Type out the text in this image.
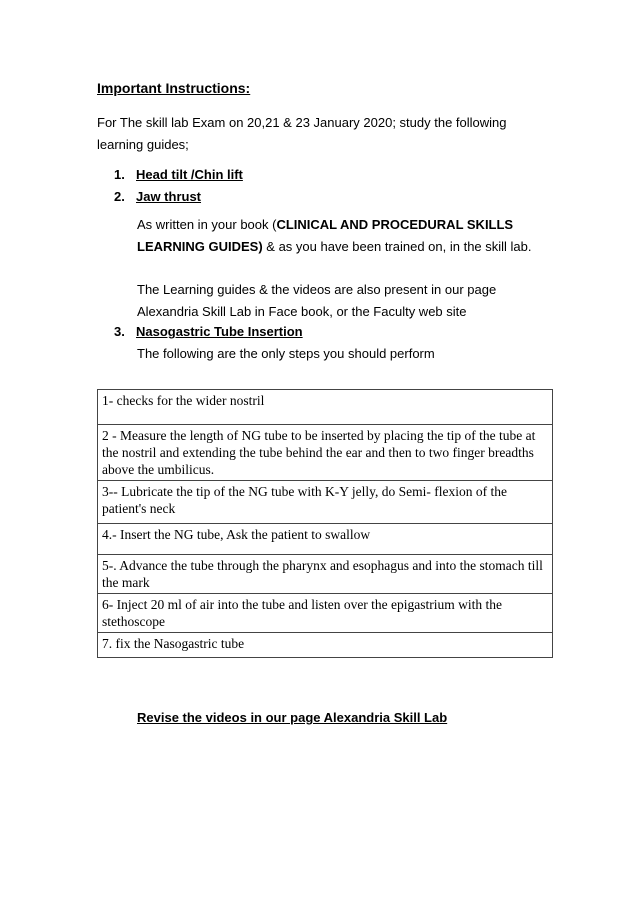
Important Instructions:
For The skill lab Exam on 20,21 & 23 January 2020; study the following
learning guides;
1. Head tilt /Chin lift
2. Jaw thrust
As written in your book (CLINICAL AND PROCEDURAL SKILLS
LEARNING GUIDES) & as you have been trained on, in the skill lab.
The Learning guides & the videos are also present in our page
Alexandria Skill Lab in Face book, or the Faculty web site
3. Nasogastric Tube Insertion
The following are the only steps you should perform
1- checks for the wider nostril
2 - Measure the length of NG tube to be inserted by placing the tip of the tube at the nostril and extending the tube behind the ear and then to two finger breadths above the umbilicus.
3-- Lubricate the tip of the NG tube with K-Y jelly, do Semi- flexion of the patient's neck
4.- Insert the NG tube, Ask the patient to swallow
5-. Advance the tube through the pharynx and esophagus and into the stomach till the mark
6- Inject 20 ml of air into the tube and listen over the epigastrium with the stethoscope
7. fix the Nasogastric tube
Revise the videos in our page Alexandria Skill Lab
